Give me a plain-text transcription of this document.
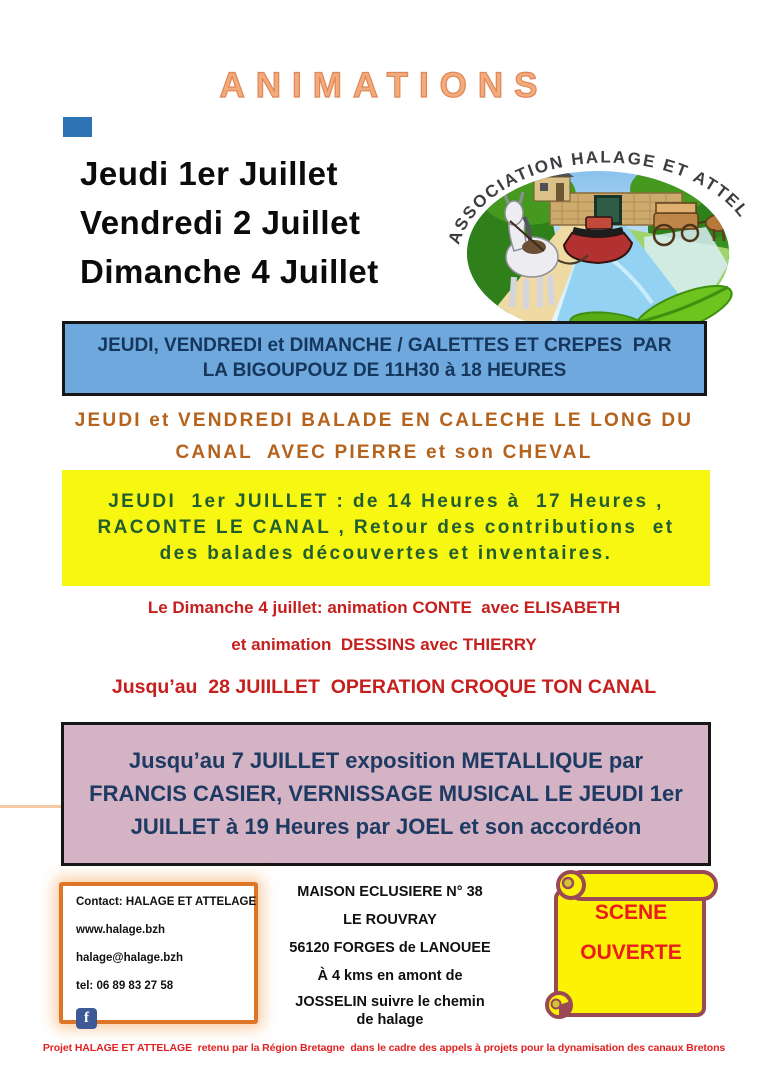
ANIMATIONS
Jeudi 1er Juillet
Vendredi 2 Juillet
Dimanche 4 Juillet
ASSOCIATION HALAGE ET ATTELAGE
JEUDI, VENDREDI et DIMANCHE / GALETTES ET CREPES  PAR
LA BIGOUPOUZ DE 11H30 à 18 HEURES
JEUDI et VENDREDI BALADE EN CALECHE LE LONG DU
CANAL  AVEC PIERRE et son CHEVAL
JEUDI  1er JUILLET : de 14 Heures à  17 Heures ,
RACONTE LE CANAL , Retour des contributions  et
des balades découvertes et inventaires.
Le Dimanche 4 juillet: animation CONTE  avec ELISABETH
et animation  DESSINS avec THIERRY
Jusqu’au  28 JUIILLET  OPERATION CROQUE TON CANAL
Jusqu’au 7 JUILLET exposition METALLIQUE par
FRANCIS CASIER, VERNISSAGE MUSICAL LE JEUDI 1er
JUILLET à 19 Heures par JOEL et son accordéon
Contact: HALAGE ET ATTELAGE
www.halage.bzh
halage@halage.bzh
tel: 06 89 83 27 58
f
MAISON ECLUSIERE N° 38
LE ROUVRAY
56120 FORGES de LANOUEE
À 4 kms en amont de
JOSSELIN suivre le chemin
de halage
SCENE
OUVERTE
Projet HALAGE ET ATTELAGE  retenu par la Région Bretagne  dans le cadre des appels à projets pour la dynamisation des canaux Bretons
